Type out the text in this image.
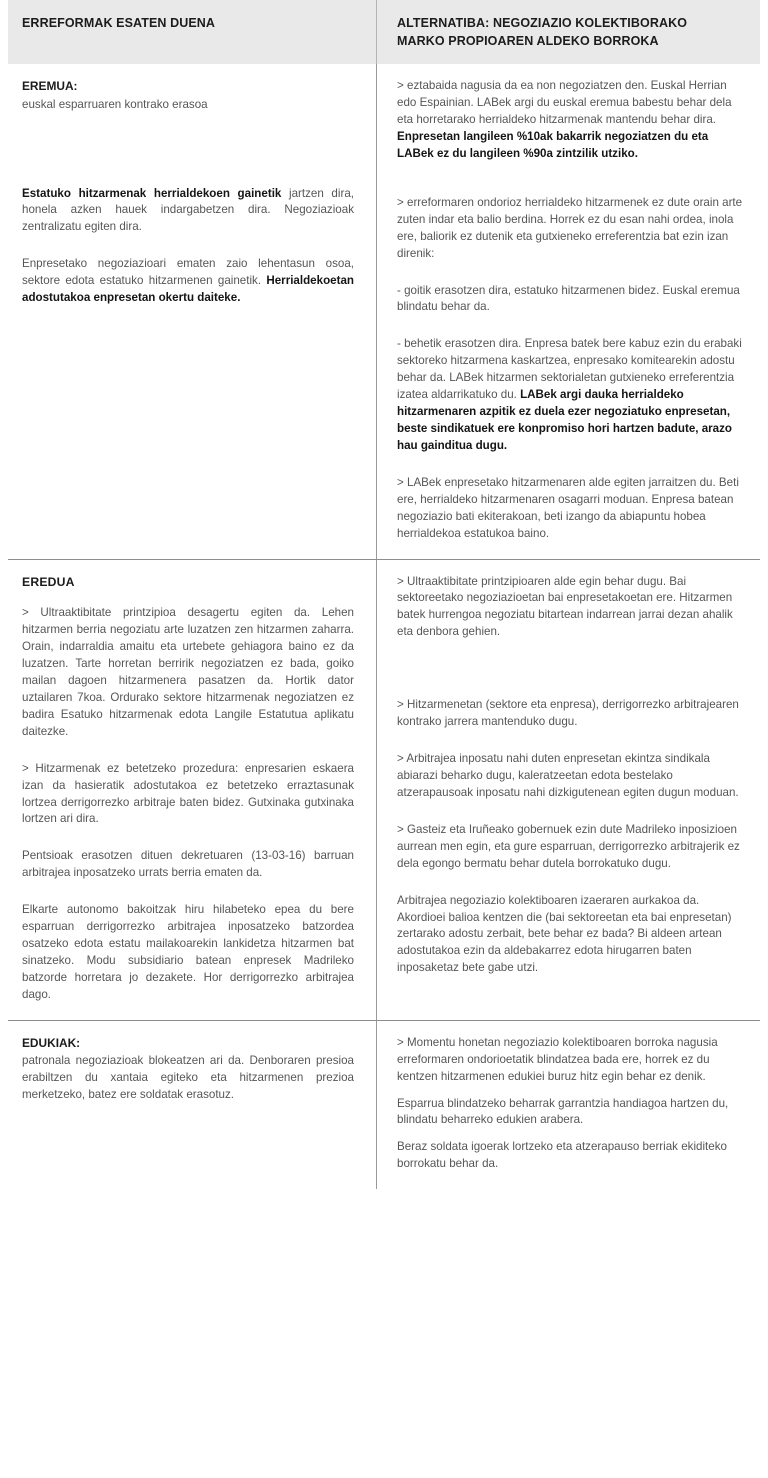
ERREFORMAK ESATEN DUENA	ALTERNATIBA: NEGOZIAZIO KOLEKTIBORAKO
MARKO PROPIOAREN ALDEKO BORROKA

EREMUA:

euskal esparruaren kontrako erasoa

Estatuko hitzarmenak herrialdekoen gainetik jartzen dira, honela azken hauek indargabetzen dira. Negoziazioak zentralizatu egiten dira.

Enpresetako negoziazioari ematen zaio lehentasun osoa, sektore edota estatuko hitzarmenen gainetik. Herrialdekoetan adostutakoa enpresetan okertu daiteke.

> eztabaida nagusia da ea non negoziatzen den. Euskal Herrian edo Espainian. LABek argi du euskal eremua babestu behar dela eta horretarako herrialdeko hitzarmenak mantendu behar dira. Enpresetan langileen %10ak bakarrik negoziatzen du eta LABek ez du langileen %90a zintzilik utziko.

> erreformaren ondorioz herrialdeko hitzarmenek ez dute orain arte zuten indar eta balio berdina. Horrek ez du esan nahi ordea, inola ere, baliorik ez dutenik eta gutxieneko erreferentzia bat ezin izan direnik:

- goitik erasotzen dira, estatuko hitzarmenen bidez. Euskal eremua blindatu behar da.

- behetik erasotzen dira. Enpresa batek bere kabuz ezin du erabaki sektoreko hitzarmena kaskartzea, enpresako komitearekin adostu behar da. LABek hitzarmen sektorialetan gutxieneko erreferentzia izatea aldarrikatuko du. LABek argi dauka herrialdeko hitzarmenaren azpitik ez duela ezer negoziatuko enpresetan, beste sindikatuek ere konpromiso hori hartzen badute, arazo hau gainditua dugu.

> LABek enpresetako hitzarmenaren alde egiten jarraitzen du. Beti ere, herrialdeko hitzarmenaren osagarri moduan. Enpresa batean negoziazio bati ekiterakoan, beti izango da abiapuntu hobea herrialdekoa estatukoa baino.

EREDUA

> Ultraaktibitate printzipioa desagertu egiten da. Lehen hitzarmen berria negoziatu arte luzatzen zen hitzarmen zaharra. Orain, indarraldia amaitu eta urtebete gehiagora baino ez da luzatzen. Tarte horretan berririk negoziatzen ez bada, goiko mailan dagoen hitzarmenera pasatzen da. Hortik dator uztailaren 7koa. Ordurako sektore hitzarmenak negoziatzen ez badira Esatuko hitzarmenak edota Langile Estatutua aplikatu daitezke.

> Hitzarmenak ez betetzeko prozedura: enpresarien eskaera izan da hasieratik adostutakoa ez betetzeko erraztasunak lortzea derrigorrezko arbitraje baten bidez. Gutxinaka gutxinaka lortzen ari dira.

Pentsioak erasotzen dituen dekretuaren (13-03-16) barruan arbitrajea inposatzeko urrats berria ematen da.

Elkarte autonomo bakoitzak hiru hilabeteko epea du bere esparruan derrigorrezko arbitrajea inposatzeko batzordea osatzeko edota estatu mailakoarekin lankidetza hitzarmen bat sinatzeko. Modu subsidiario batean enpresek Madrileko batzorde horretara jo dezakete. Hor derrigorrezko arbitrajea dago.

> Ultraaktibitate printzipioaren alde egin behar dugu. Bai sektoreetako negoziazioetan bai enpresetakoetan ere. Hitzarmen batek hurrengoa negoziatu bitartean indarrean jarrai dezan ahalik eta denbora gehien.

> Hitzarmenetan (sektore eta enpresa), derrigorrezko arbitrajearen kontrako jarrera mantenduko dugu.

> Arbitrajea inposatu nahi duten enpresetan ekintza sindikala abiarazi beharko dugu, kaleratzeetan edota bestelako atzerapausoak inposatu nahi dizkigutenean egiten dugun moduan.

> Gasteiz eta Iruñeako gobernuek ezin dute Madrileko inposizioen aurrean men egin, eta gure esparruan, derrigorrezko arbitrajerik ez dela egongo bermatu behar dutela borrokatuko dugu.

Arbitrajea negoziazio kolektiboaren izaeraren aurkakoa da. Akordioei balioa kentzen die (bai sektoreetan eta bai enpresetan) zertarako adostu zerbait, bete behar ez bada? Bi aldeen artean adostutakoa ezin da aldebakarrez edota hirugarren baten inposaketaz bete gabe utzi.

EDUKIAK:

patronala negoziazioak blokeatzen ari da. Denboraren presioa erabiltzen du xantaia egiteko eta hitzarmenen prezioa merketzeko, batez ere soldatak erasotuz.

> Momentu honetan negoziazio kolektiboaren borroka nagusia erreformaren ondorioetatik blindatzea bada ere, horrek ez du kentzen hitzarmenen edukiei buruz hitz egin behar ez denik.

Esparrua blindatzeko beharrak garrantzia handiagoa hartzen du, blindatu beharreko edukien arabera.

Beraz soldata igoerak lortzeko eta atzerapauso berriak ekiditeko borrokatu behar da.
